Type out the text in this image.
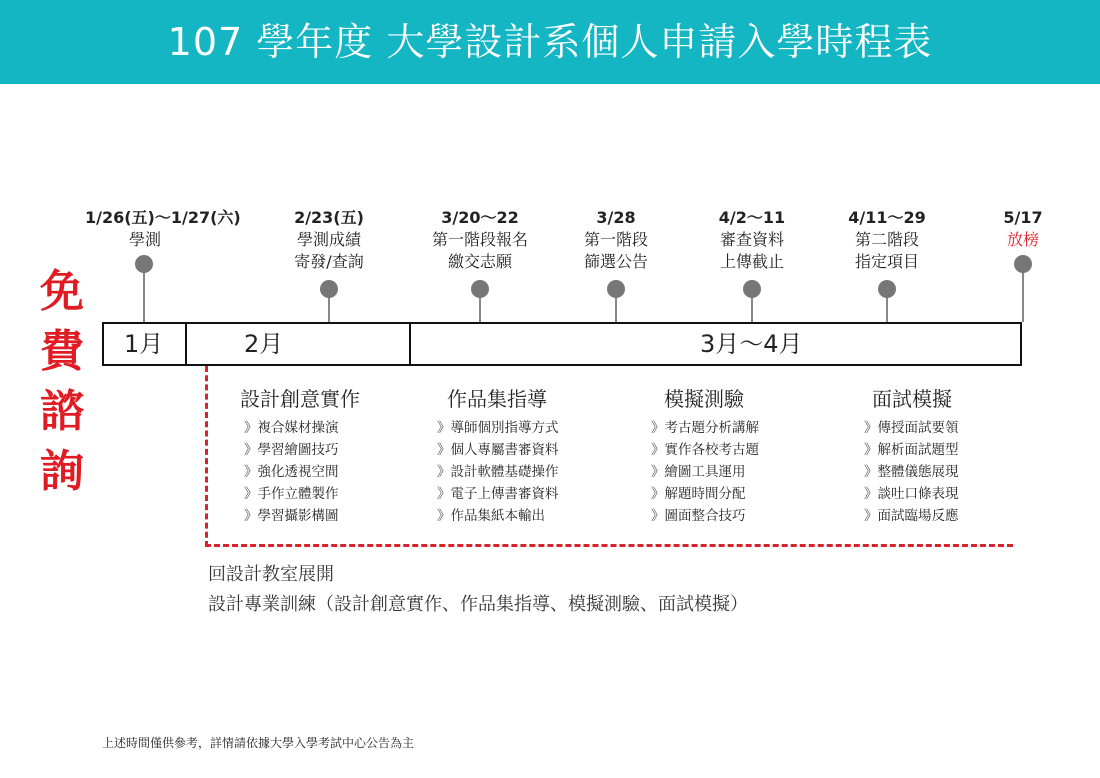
107 學年度 大學設計系個人申請入學時程表
免
費
諮
詢
1/26(五)～1/27(六)
學測
2/23(五)
學測成績
寄發/查詢
3/20～22
第一階段報名
繳交志願
3/28
第一階段
篩選公告
4/2～11
審查資料
上傳截止
4/11～29
第二階段
指定項目
5/17
放榜
1月	2月	3月～4月
設計創意實作
》複合媒材操演
》學習繪圖技巧
》強化透視空間
》手作立體製作
》學習攝影構圖
作品集指導
》導師個別指導方式
》個人專屬書審資料
》設計軟體基礎操作
》電子上傳書審資料
》作品集紙本輸出
模擬測驗
》考古題分析講解
》實作各校考古題
》繪圖工具運用
》解題時間分配
》圖面整合技巧
面試模擬
》傳授面試要領
》解析面試題型
》整體儀態展現
》談吐口條表現
》面試臨場反應
回設計教室展開
設計專業訓練（設計創意實作、作品集指導、模擬測驗、面試模擬）
上述時間僅供參考，詳情請依據大學入學考試中心公告為主
